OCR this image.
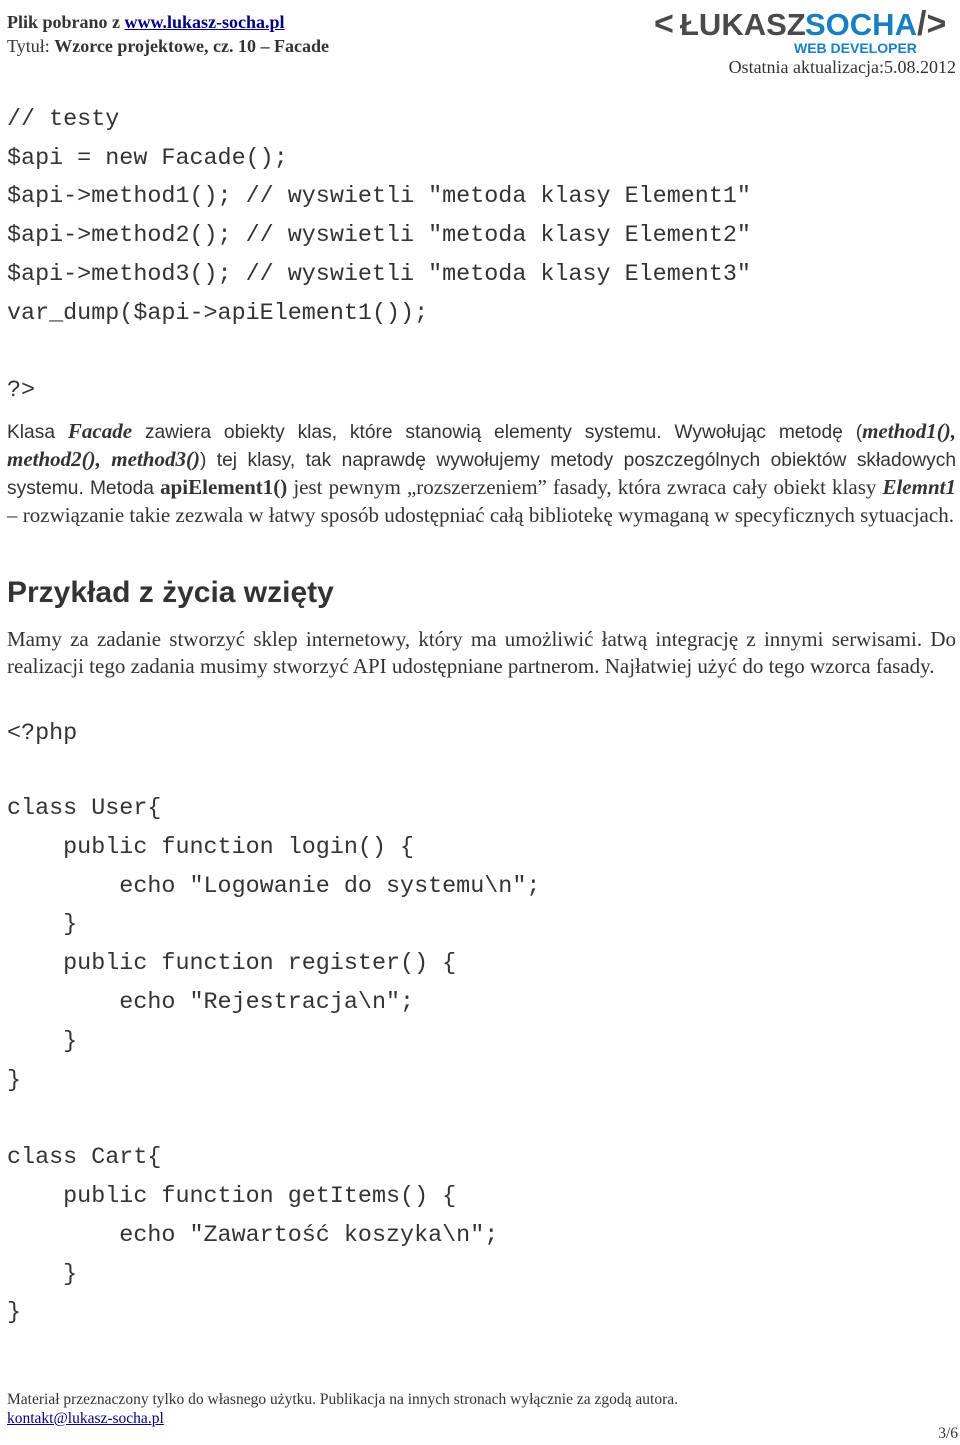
Plik pobrano z www.lukasz-socha.pl
Tytuł: Wzorce projektowe, cz. 10 – Facade
< ŁUKASZ SOCHA />
WEB DEVELOPER
Ostatnia aktualizacja:5.08.2012
// testy
$api = new Facade();
$api->method1(); // wyswietli "metoda klasy Element1"
$api->method2(); // wyswietli "metoda klasy Element2"
$api->method3(); // wyswietli "metoda klasy Element3"
var_dump($api->apiElement1());

?>

Klasa Facade zawiera obiekty klas, które stanowią elementy systemu. Wywołując metodę (method1(), method2(), method3()) tej klasy, tak naprawdę wywołujemy metody poszczególnych obiektów składowych systemu. Metoda apiElement1() jest pewnym „rozszerzeniem” fasady, która zwraca cały obiekt klasy Elemnt1 – rozwiązanie takie zezwala w łatwy sposób udostępniać całą bibliotekę wymaganą w specyficznych sytuacjach.

Przykład z życia wzięty

Mamy za zadanie stworzyć sklep internetowy, który ma umożliwić łatwą integrację z innymi serwisami. Do realizacji tego zadania musimy stworzyć API udostępniane partnerom. Najłatwiej użyć do tego wzorca fasady.

<?php
class User{
public function login() {
echo "Logowanie do systemu\n";
}
public function register() {
echo "Rejestracja\n";
}
}

class Cart{
public function getItems() {
echo "Zawartość koszyka\n";
}
}
Materiał przeznaczony tylko do własnego użytku. Publikacja na innych stronach wyłącznie za zgodą autora.
kontakt@lukasz-socha.pl
3/6
